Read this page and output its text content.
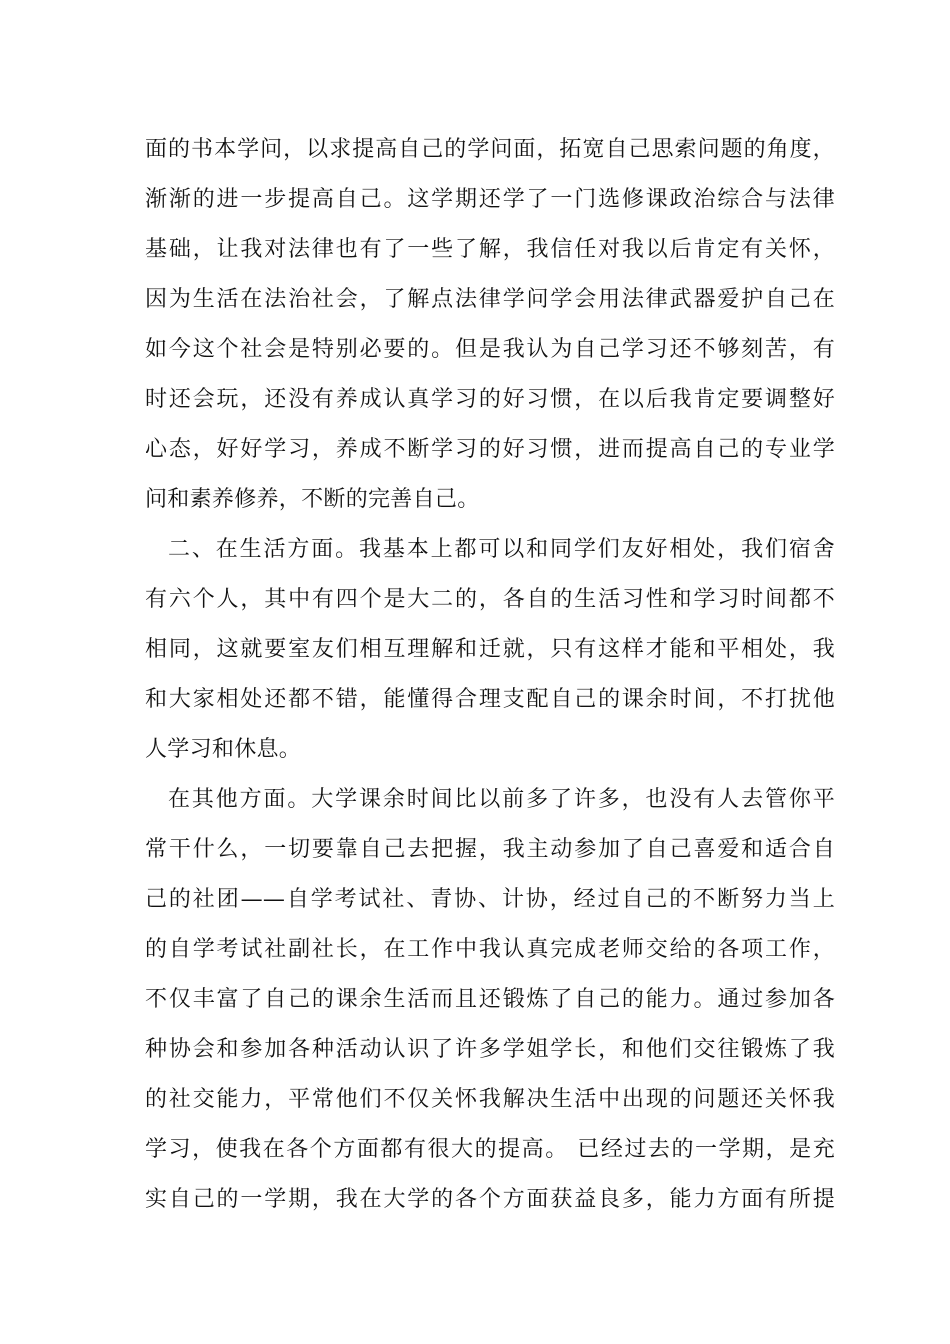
面的书本学问，以求提高自己的学问面，拓宽自己思索问题的角度，
渐渐的进一步提高自己。这学期还学了一门选修课政治综合与法律
基础，让我对法律也有了一些了解，我信任对我以后肯定有关怀，
因为生活在法治社会，了解点法律学问学会用法律武器爱护自己在
如今这个社会是特别必要的。但是我认为自己学习还不够刻苦，有
时还会玩，还没有养成认真学习的好习惯，在以后我肯定要调整好
心态，好好学习，养成不断学习的好习惯，进而提高自己的专业学
问和素养修养，不断的完善自己。
二、在生活方面。我基本上都可以和同学们友好相处，我们宿舍
有六个人，其中有四个是大二的，各自的生活习性和学习时间都不
相同，这就要室友们相互理解和迁就，只有这样才能和平相处，我
和大家相处还都不错，能懂得合理支配自己的课余时间，不打扰他
人学习和休息。
在其他方面。大学课余时间比以前多了许多，也没有人去管你平
常干什么，一切要靠自己去把握，我主动参加了自己喜爱和适合自
己的社团——自学考试社、青协、计协，经过自己的不断努力当上
的自学考试社副社长，在工作中我认真完成老师交给的各项工作，
不仅丰富了自己的课余生活而且还锻炼了自己的能力。通过参加各
种协会和参加各种活动认识了许多学姐学长，和他们交往锻炼了我
的社交能力，平常他们不仅关怀我解决生活中出现的问题还关怀我
学习，使我在各个方面都有很大的提高。 已经过去的一学期，是充
实自己的一学期，我在大学的各个方面获益良多，能力方面有所提
